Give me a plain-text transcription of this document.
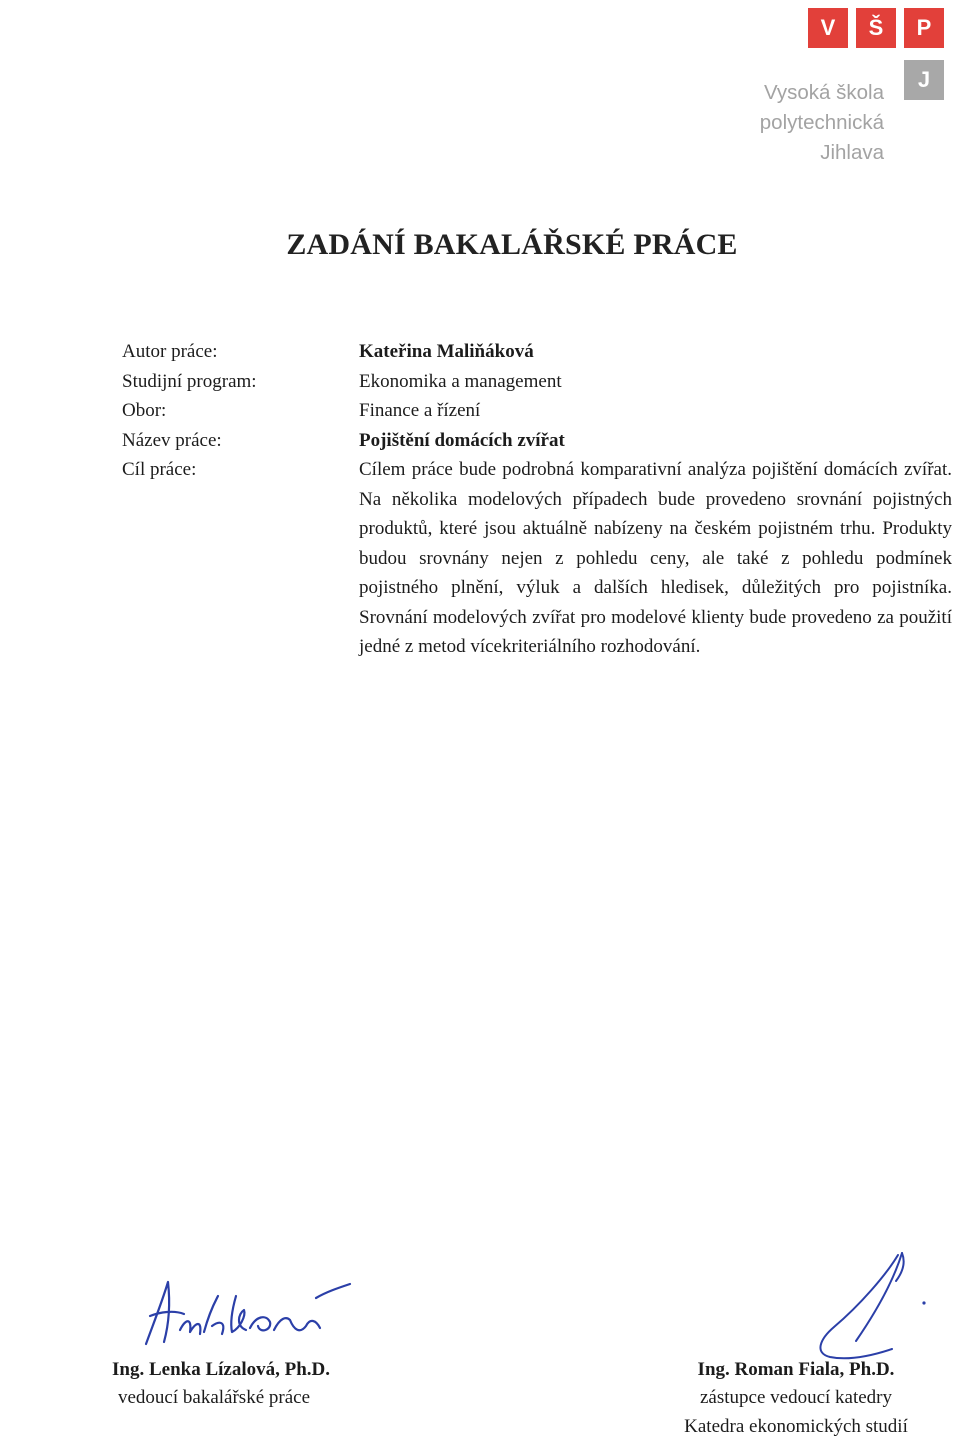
V	Š	P
J
Vysoká škola
polytechnická
Jihlava
ZADÁNÍ BAKALÁŘSKÉ PRÁCE
Autor práce:	Kateřina Maliňáková
Studijní program:	Ekonomika a management
Obor:	Finance a řízení
Název práce:	Pojištění domácích zvířat
Cíl práce:	Cílem práce bude podrobná komparativní analýza pojištění domácích zvířat. Na několika modelových případech bude provedeno srovnání pojistných produktů, které jsou aktuálně nabízeny na českém pojistném trhu. Produkty budou srovnány nejen z pohledu ceny, ale také z pohledu podmínek pojistného plnění, výluk a dalších hledisek, důležitých pro pojistníka. Srovnání modelových zvířat pro modelové klienty bude provedeno za použití jedné z metod vícekriteriálního rozhodování.
Ing. Lenka Lízalová, Ph.D.
vedoucí bakalářské práce
Ing. Roman Fiala, Ph.D.
zástupce vedoucí katedry
Katedra ekonomických studií
